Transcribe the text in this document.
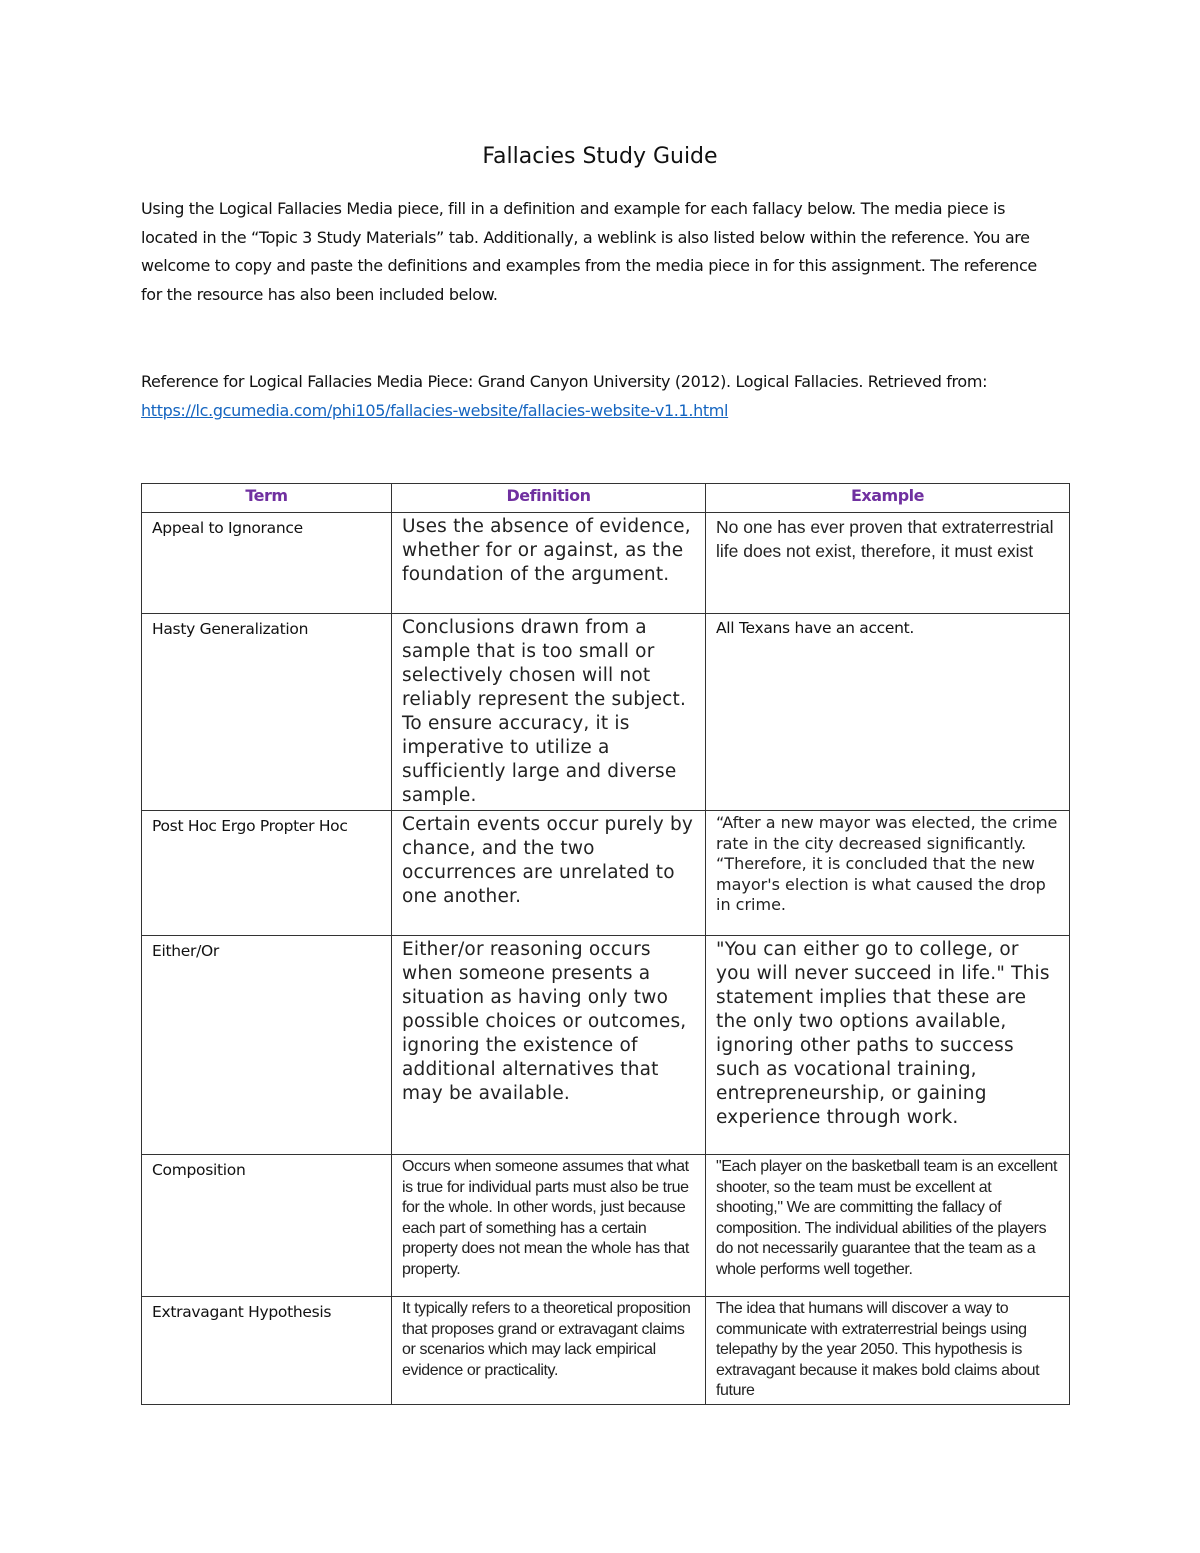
Fallacies Study Guide
Using the Logical Fallacies Media piece, fill in a definition and example for each fallacy below. The media piece is located in the “Topic 3 Study Materials” tab. Additionally, a weblink is also listed below within the reference. You are welcome to copy and paste the definitions and examples from the media piece in for this assignment. The reference for the resource has also been included below.
Reference for Logical Fallacies Media Piece: Grand Canyon University (2012). Logical Fallacies. Retrieved from: https://lc.gcumedia.com/phi105/fallacies-website/fallacies-website-v1.1.html
Term	Definition	Example
Appeal to Ignorance	Uses the absence of evidence, whether for or against, as the foundation of the argument.	No one has ever proven that extraterrestrial life does not exist, therefore, it must exist
Hasty Generalization	Conclusions drawn from a sample that is too small or selectively chosen will not reliably represent the subject. To ensure accuracy, it is imperative to utilize a sufficiently large and diverse sample.	All Texans have an accent.
Post Hoc Ergo Propter Hoc	Certain events occur purely by chance, and the two occurrences are unrelated to one another.	“After a new mayor was elected, the crime rate in the city decreased significantly. “Therefore, it is concluded that the new mayor's election is what caused the drop in crime.
Either/Or	Either/or reasoning occurs when someone presents a situation as having only two possible choices or outcomes, ignoring the existence of additional alternatives that may be available.	"You can either go to college, or you will never succeed in life." This statement implies that these are the only two options available, ignoring other paths to success such as vocational training, entrepreneurship, or gaining experience through work.
Composition	Occurs when someone assumes that what is true for individual parts must also be true for the whole. In other words, just because each part of something has a certain property does not mean the whole has that property.	"Each player on the basketball team is an excellent shooter, so the team must be excellent at shooting," We are committing the fallacy of composition. The individual abilities of the players do not necessarily guarantee that the team as a whole performs well together.
Extravagant Hypothesis	It typically refers to a theoretical proposition that proposes grand or extravagant claims or scenarios which may lack empirical evidence or practicality.	The idea that humans will discover a way to communicate with extraterrestrial beings using telepathy by the year 2050. This hypothesis is extravagant because it makes bold claims about future
